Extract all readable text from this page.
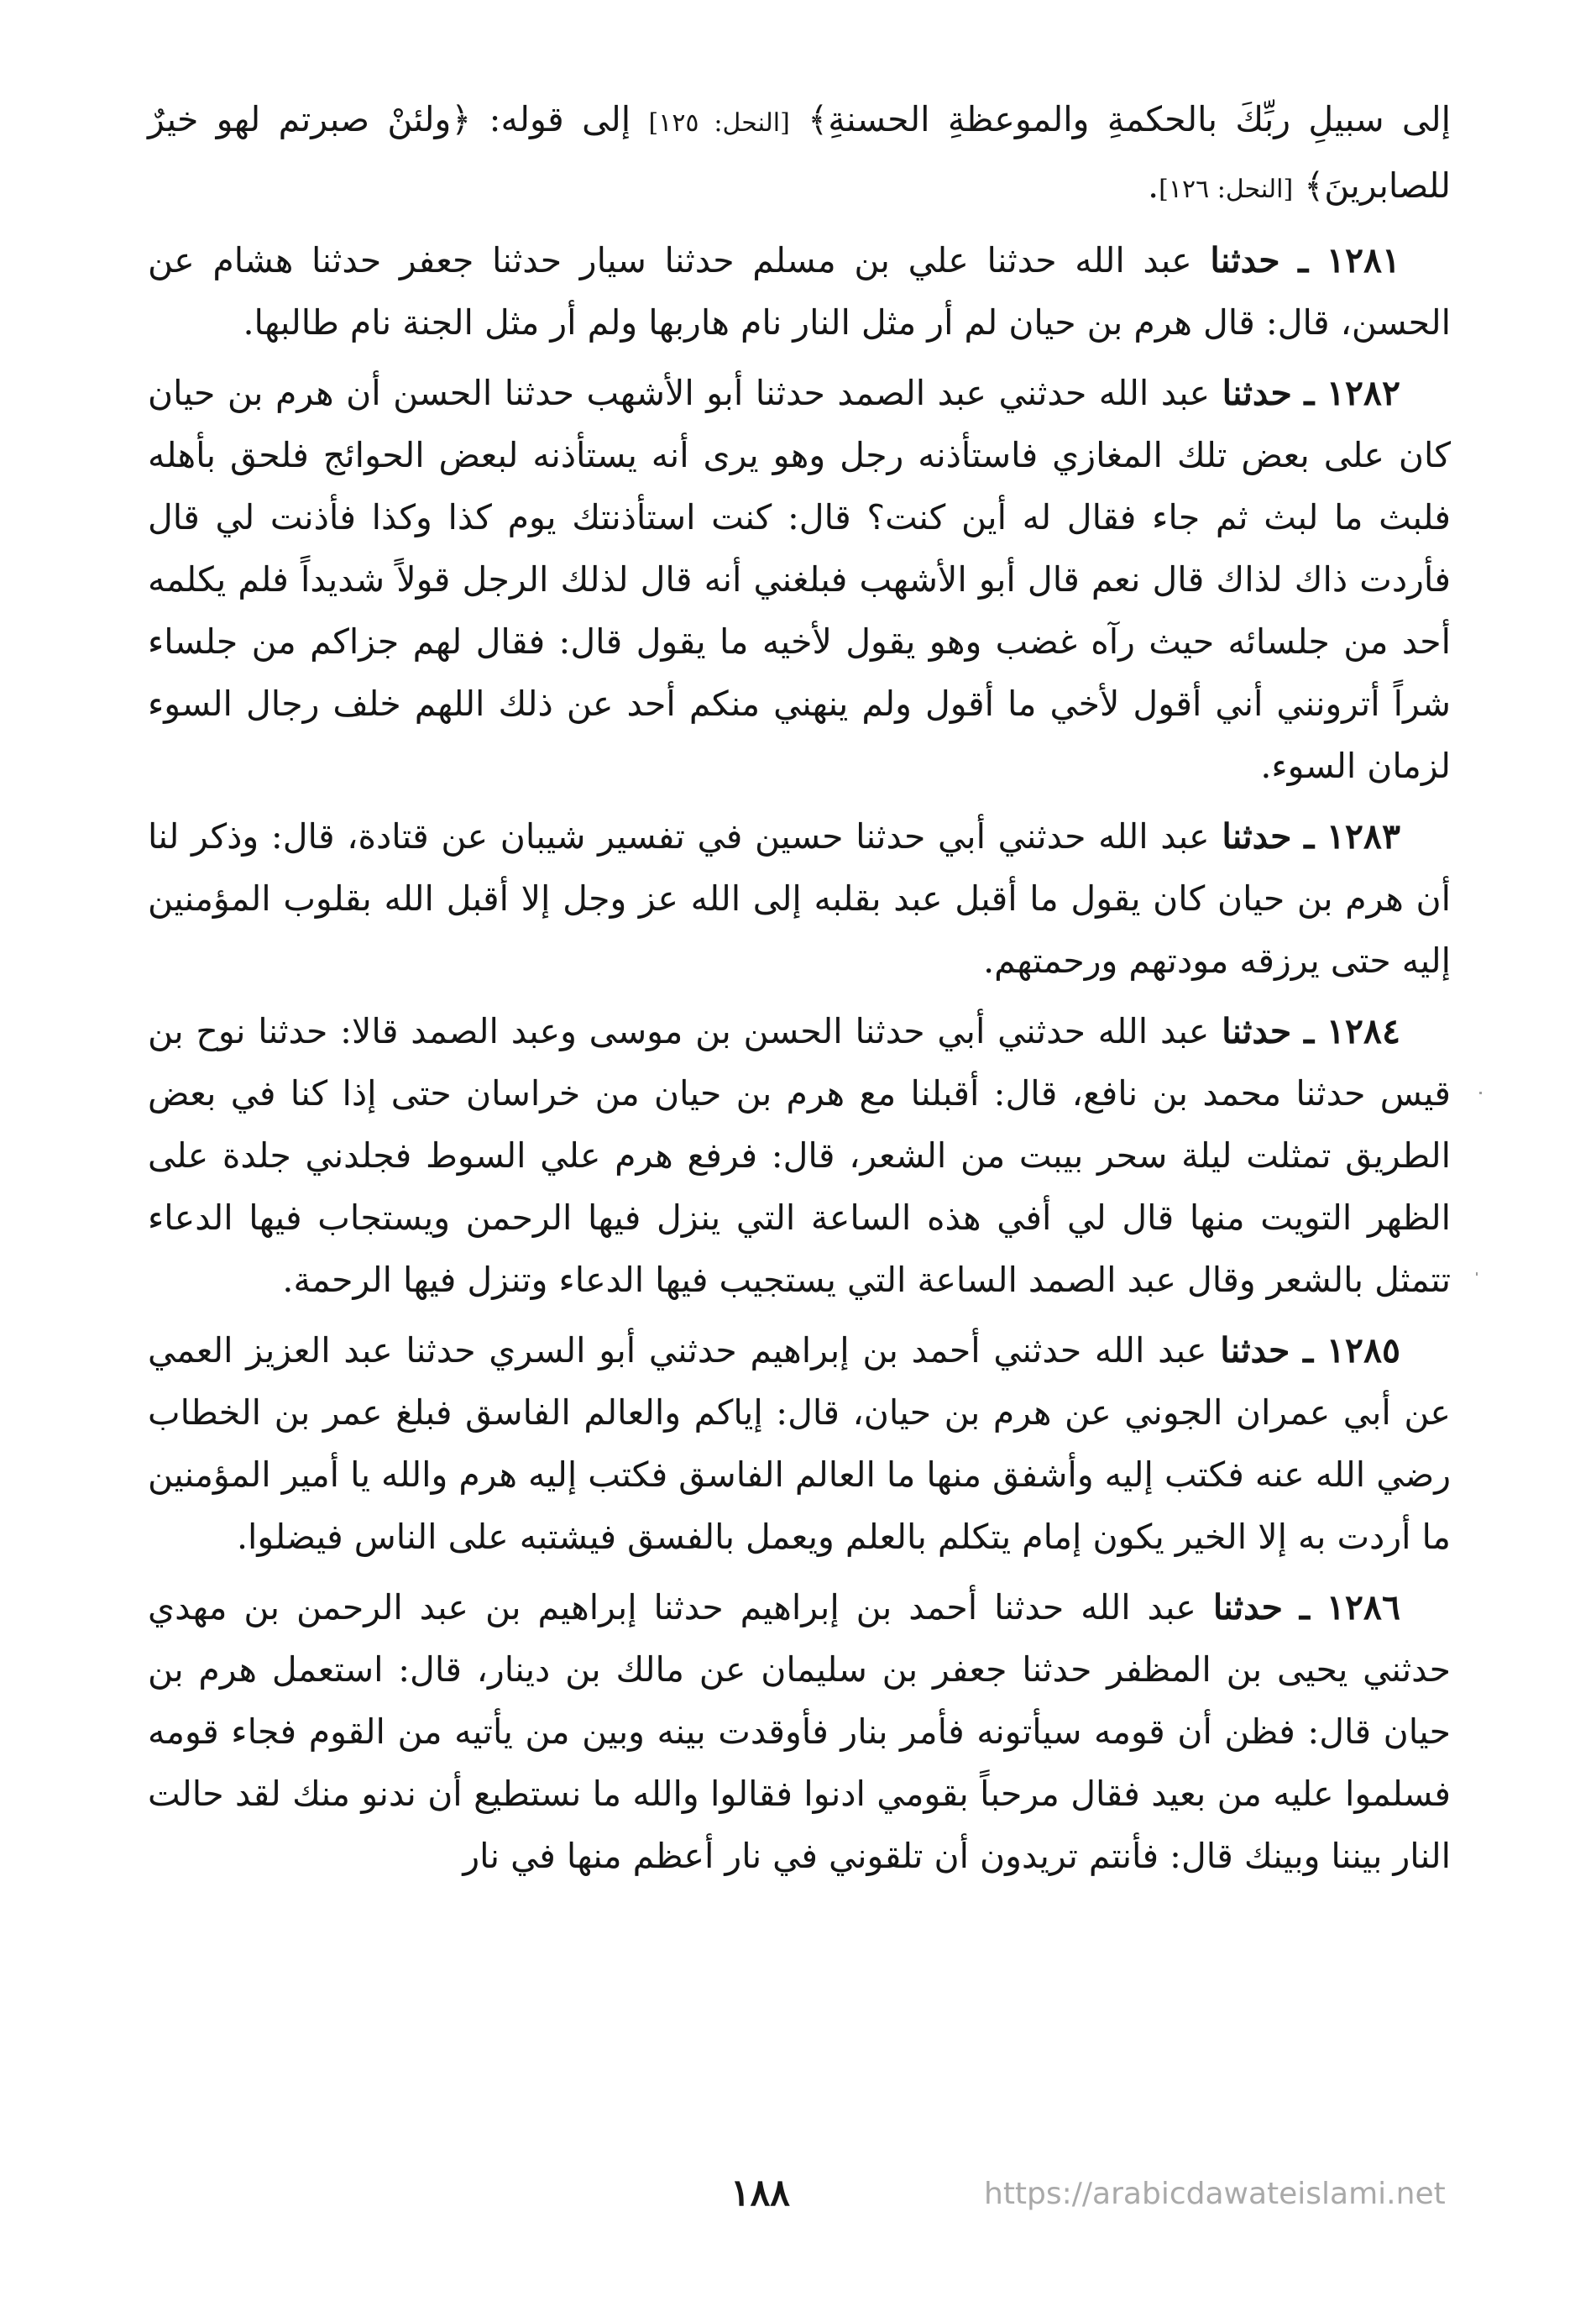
إلى سبيلِ ربِّكَ بالحكمةِ والموعظةِ الحسنةِ﴾ [النحل: ١٢٥] إلى قوله: ﴿ولئنْ صبرتم لهو خيرٌ للصابرينَ﴾ [النحل: ١٢٦].

١٢٨١ ـ حدثنا عبد الله حدثنا علي بن مسلم حدثنا سيار حدثنا جعفر حدثنا هشام عن الحسن، قال: قال هرم بن حيان لم أر مثل النار نام هاربها ولم أر مثل الجنة نام طالبها.

١٢٨٢ ـ حدثنا عبد الله حدثني عبد الصمد حدثنا أبو الأشهب حدثنا الحسن أن هرم بن حيان كان على بعض تلك المغازي فاستأذنه رجل وهو يرى أنه يستأذنه لبعض الحوائج فلحق بأهله فلبث ما لبث ثم جاء فقال له أين كنت؟ قال: كنت استأذنتك يوم كذا وكذا فأذنت لي قال فأردت ذاك لذاك قال نعم قال أبو الأشهب فبلغني أنه قال لذلك الرجل قولاً شديداً فلم يكلمه أحد من جلسائه حيث رآه غضب وهو يقول لأخيه ما يقول قال: فقال لهم جزاكم من جلساء شراً أترونني أني أقول لأخي ما أقول ولم ينهني منكم أحد عن ذلك اللهم خلف رجال السوء لزمان السوء.

١٢٨٣ ـ حدثنا عبد الله حدثني أبي حدثنا حسين في تفسير شيبان عن قتادة، قال: وذكر لنا أن هرم بن حيان كان يقول ما أقبل عبد بقلبه إلى الله عز وجل إلا أقبل الله بقلوب المؤمنين إليه حتى يرزقه مودتهم ورحمتهم.

١٢٨٤ ـ حدثنا عبد الله حدثني أبي حدثنا الحسن بن موسى وعبد الصمد قالا: حدثنا نوح بن قيس حدثنا محمد بن نافع، قال: أقبلنا مع هرم بن حيان من خراسان حتى إذا كنا في بعض الطريق تمثلت ليلة سحر بيبت من الشعر، قال: فرفع هرم علي السوط فجلدني جلدة على الظهر التويت منها قال لي أفي هذه الساعة التي ينزل فيها الرحمن ويستجاب فيها الدعاء تتمثل بالشعر وقال عبد الصمد الساعة التي يستجيب فيها الدعاء وتنزل فيها الرحمة.

١٢٨٥ ـ حدثنا عبد الله حدثني أحمد بن إبراهيم حدثني أبو السري حدثنا عبد العزيز العمي عن أبي عمران الجوني عن هرم بن حيان، قال: إياكم والعالم الفاسق فبلغ عمر بن الخطاب رضي الله عنه فكتب إليه وأشفق منها ما العالم الفاسق فكتب إليه هرم والله يا أمير المؤمنين ما أردت به إلا الخير يكون إمام يتكلم بالعلم ويعمل بالفسق فيشتبه على الناس فيضلوا.

١٢٨٦ ـ حدثنا عبد الله حدثنا أحمد بن إبراهيم حدثنا إبراهيم بن عبد الرحمن بن مهدي حدثني يحيى بن المظفر حدثنا جعفر بن سليمان عن مالك بن دينار، قال: استعمل هرم بن حيان قال: فظن أن قومه سيأتونه فأمر بنار فأوقدت بينه وبين من يأتيه من القوم فجاء قومه فسلموا عليه من بعيد فقال مرحباً بقومي ادنوا فقالوا والله ما نستطيع أن ندنو منك لقد حالت النار بيننا وبينك قال: فأنتم تريدون أن تلقوني في نار أعظم منها في نار

١٨٨	https://arabicdawateislami.net
